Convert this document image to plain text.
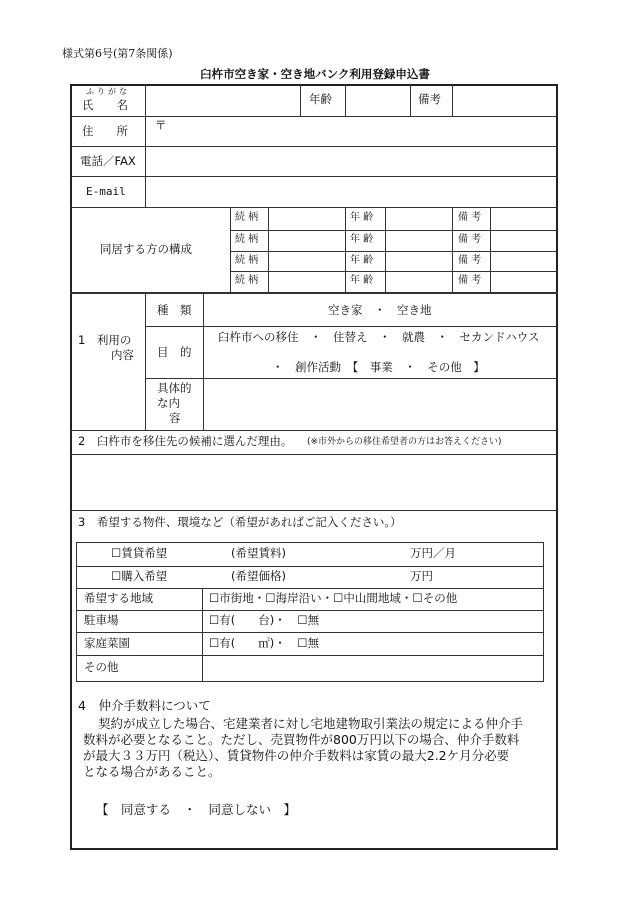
様式第6号(第7条関係)
臼杵市空き家・空き地バンク利用登録申込書
ふりがな
氏　　名	年齢	備考
住　　所 〒
電話／FAX
E-mail
同居する方の構成
続 柄	年 齢	備 考
続 柄	年 齢	備 考
続 柄	年 齢	備 考
続 柄	年 齢	備 考
1　利用の
内容
種　類	空き家　・　空き地
目　的
臼杵市への移住　・　住替え　・　就農　・　セカンドハウス
・　創作活動　【　事業　・　その他　】
具体的
な内
容
2　臼杵市を移住先の候補に選んだ理由。 (※市外からの移住希望者の方はお答えください)
3　希望する物件、環境など（希望があればご記入ください。）
☐賃貸希望	(希望賃料)	万円／月
☐購入希望	(希望価格)	万円
希望する地域	☐市街地・☐海岸沿い・☐中山間地域・☐その他
駐車場	☐有(　　台)・　☐無
家庭菜園	☐有(　　㎡)・　☐無
その他
4　仲介手数料について
契約が成立した場合、宅建業者に対し宅地建物取引業法の規定による仲介手
数料が必要となること。ただし、売買物件が800万円以下の場合、仲介手数料
が最大３３万円（税込）、賃貸物件の仲介手数料は家賃の最大2.2ケ月分必要
となる場合があること。
【　同意する　・　同意しない　】
